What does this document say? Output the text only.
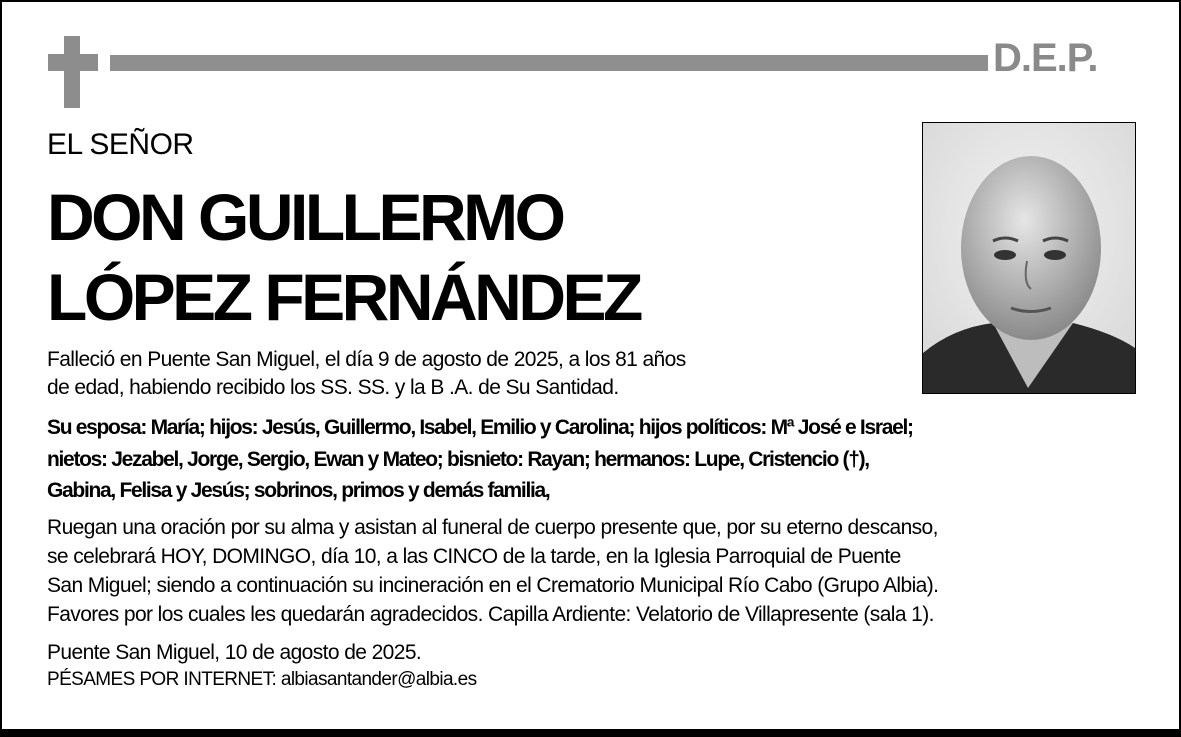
D.E.P.
EL SEÑOR
DON GUILLERMO
LÓPEZ FERNÁNDEZ
Falleció en Puente San Miguel, el día 9 de agosto de 2025, a los 81 años
de edad, habiendo recibido los SS. SS. y la B .A. de Su Santidad.
Su esposa: María; hijos: Jesús, Guillermo, Isabel, Emilio y Carolina; hijos políticos: Mª José e Israel;
nietos: Jezabel, Jorge, Sergio, Ewan y Mateo; bisnieto: Rayan; hermanos: Lupe, Cristencio (†),
Gabina, Felisa y Jesús; sobrinos, primos y demás familia,
Ruegan una oración por su alma y asistan al funeral de cuerpo presente que, por su eterno descanso,
se celebrará HOY, DOMINGO, día 10, a las CINCO de la tarde, en la Iglesia Parroquial de Puente
San Miguel; siendo a continuación su incineración en el Crematorio Municipal Río Cabo (Grupo Albia).
Favores por los cuales les quedarán agradecidos. Capilla Ardiente: Velatorio de Villapresente (sala 1).
Puente San Miguel, 10 de agosto de 2025.
PÉSAMES POR INTERNET: albiasantander@albia.es
